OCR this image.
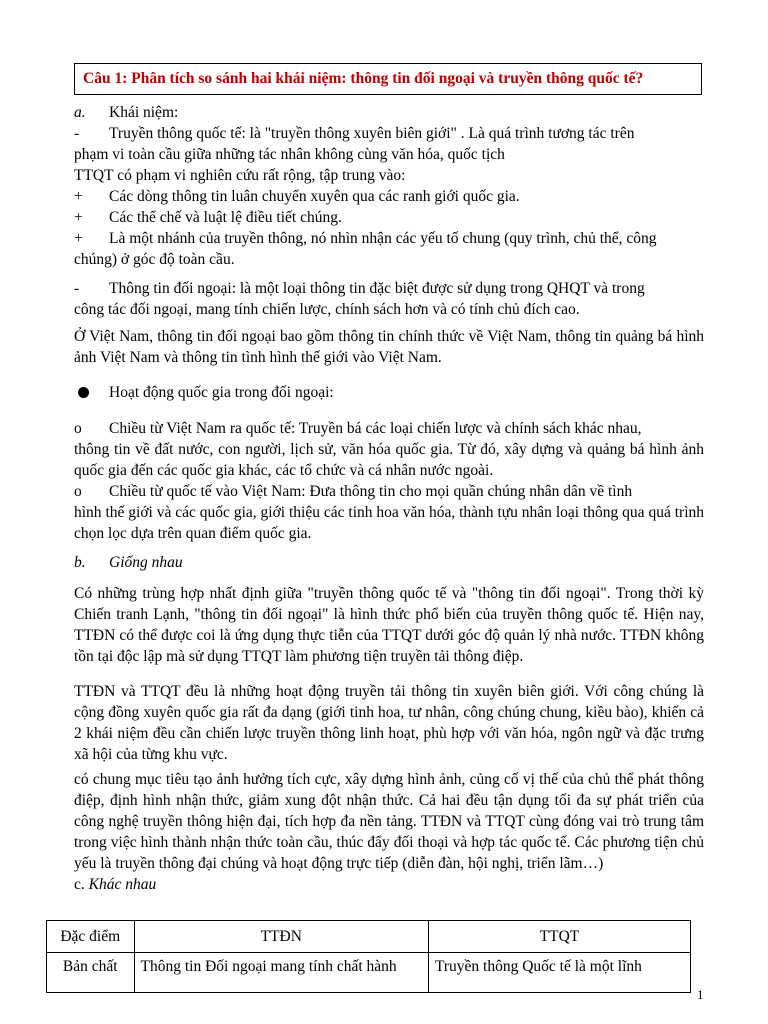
Câu 1: Phân tích so sánh hai khái niệm: thông tin đối ngoại và truyền thông quốc tế?
a.	Khái niệm:
-	Truyền thông quốc tế: là "truyền thông xuyên biên giới" . Là quá trình tương tác trên

phạm vi toàn cầu giữa những tác nhân không cùng văn hóa, quốc tịch

TTQT có phạm vi nghiên cứu rất rộng, tập trung vào:

+	Các dòng thông tin luân chuyển xuyên qua các ranh giới quốc gia.
+	Các thể chế và luật lệ điều tiết chúng.
+	Là một nhánh của truyền thông, nó nhìn nhận các yếu tố chung (quy trình, chủ thể, công

chúng) ở góc độ toàn cầu.

-	Thông tin đối ngoại: là một loại thông tin đặc biệt được sử dụng trong QHQT và trong

công tác đối ngoại, mang tính chiến lược, chính sách hơn và có tính chủ đích cao.

Ở Việt Nam, thông tin đối ngoại bao gồm thông tin chính thức về Việt Nam, thông tin quảng bá hình ảnh Việt Nam và thông tin tình hình thế giới vào Việt Nam.

Hoạt động quốc gia trong đối ngoại:
o	Chiều từ Việt Nam ra quốc tế: Truyền bá các loại chiến lược và chính sách khác nhau,

thông tin về đất nước, con người, lịch sử, văn hóa quốc gia. Từ đó, xây dựng và quảng bá hình ảnh quốc gia đến các quốc gia khác, các tổ chức và cá nhân nước ngoài.

o	Chiều từ quốc tế vào Việt Nam: Đưa thông tin cho mọi quần chúng nhân dân về tình

hình thế giới và các quốc gia, giới thiệu các tinh hoa văn hóa, thành tựu nhân loại thông qua quá trình chọn lọc dựa trên quan điểm quốc gia.

b.	Giống nhau

Có những trùng hợp nhất định giữa "truyền thông quốc tế và "thông tin đối ngoại". Trong thời kỳ Chiến tranh Lạnh, "thông tin đối ngoại" là hình thức phổ biến của truyền thông quốc tế. Hiện nay, TTĐN có thể được coi là ứng dụng thực tiễn của TTQT dưới góc độ quản lý nhà nước. TTĐN không tồn tại độc lập mà sử dụng TTQT làm phương tiện truyền tải thông điệp.

TTĐN và TTQT đều là những hoạt động truyền tải thông tin xuyên biên giới. Với công chúng là cộng đồng xuyên quốc gia rất đa dạng (giới tinh hoa, tư nhân, công chúng chung, kiều bào), khiến cả 2 khái niệm đều cần chiến lược truyền thông linh hoạt, phù hợp với văn hóa, ngôn ngữ và đặc trưng xã hội của từng khu vực.

có chung mục tiêu tạo ảnh hưởng tích cực, xây dựng hình ảnh, củng cố vị thế của chủ thể phát thông điệp, định hình nhận thức, giảm xung đột nhận thức. Cả hai đều tận dụng tối đa sự phát triển của công nghệ truyền thông hiện đại, tích hợp đa nền tảng. TTĐN và TTQT cùng đóng vai trò trung tâm trong việc hình thành nhận thức toàn cầu, thúc đẩy đối thoại và hợp tác quốc tế. Các phương tiện chủ yếu là truyền thông đại chúng và hoạt động trực tiếp (diễn đàn, hội nghị, triển lãm…)

c. Khác nhau
Đặc điểm	TTĐN	TTQT
Bản chất	Thông tin Đối ngoại mang tính chất hành	Truyền thông Quốc tế là một lĩnh
1
